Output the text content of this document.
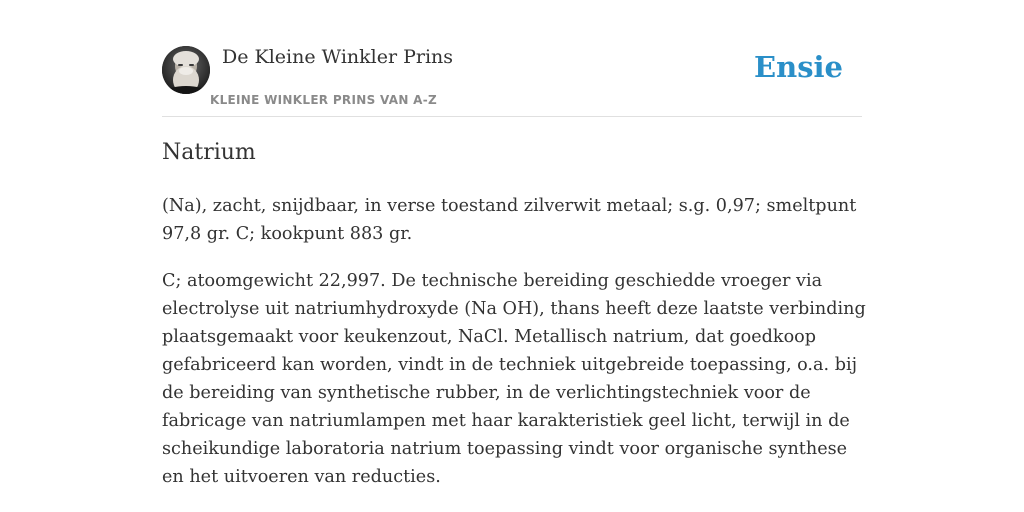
De Kleine Winkler Prins
KLEINE WINKLER PRINS VAN A-Z
Ensie
Natrium

(Na), zacht, snijdbaar, in verse toestand zilverwit metaal; s.g. 0,97; smeltpunt 97,8 gr. C; kookpunt 883 gr.

C; atoomgewicht 22,997. De technische bereiding geschiedde vroeger via electrolyse uit natriumhydroxyde (Na OH), thans heeft deze laatste verbinding plaatsgemaakt voor keukenzout, NaCl. Metallisch natrium, dat goedkoop gefabriceerd kan worden, vindt in de techniek uitgebreide toepassing, o.a. bij de bereiding van synthetische rubber, in de verlichtingstechniek voor de fabricage van natriumlampen met haar karakteristiek geel licht, terwijl in de scheikundige laboratoria natrium toepassing vindt voor organische synthese en het uitvoeren van reducties.
